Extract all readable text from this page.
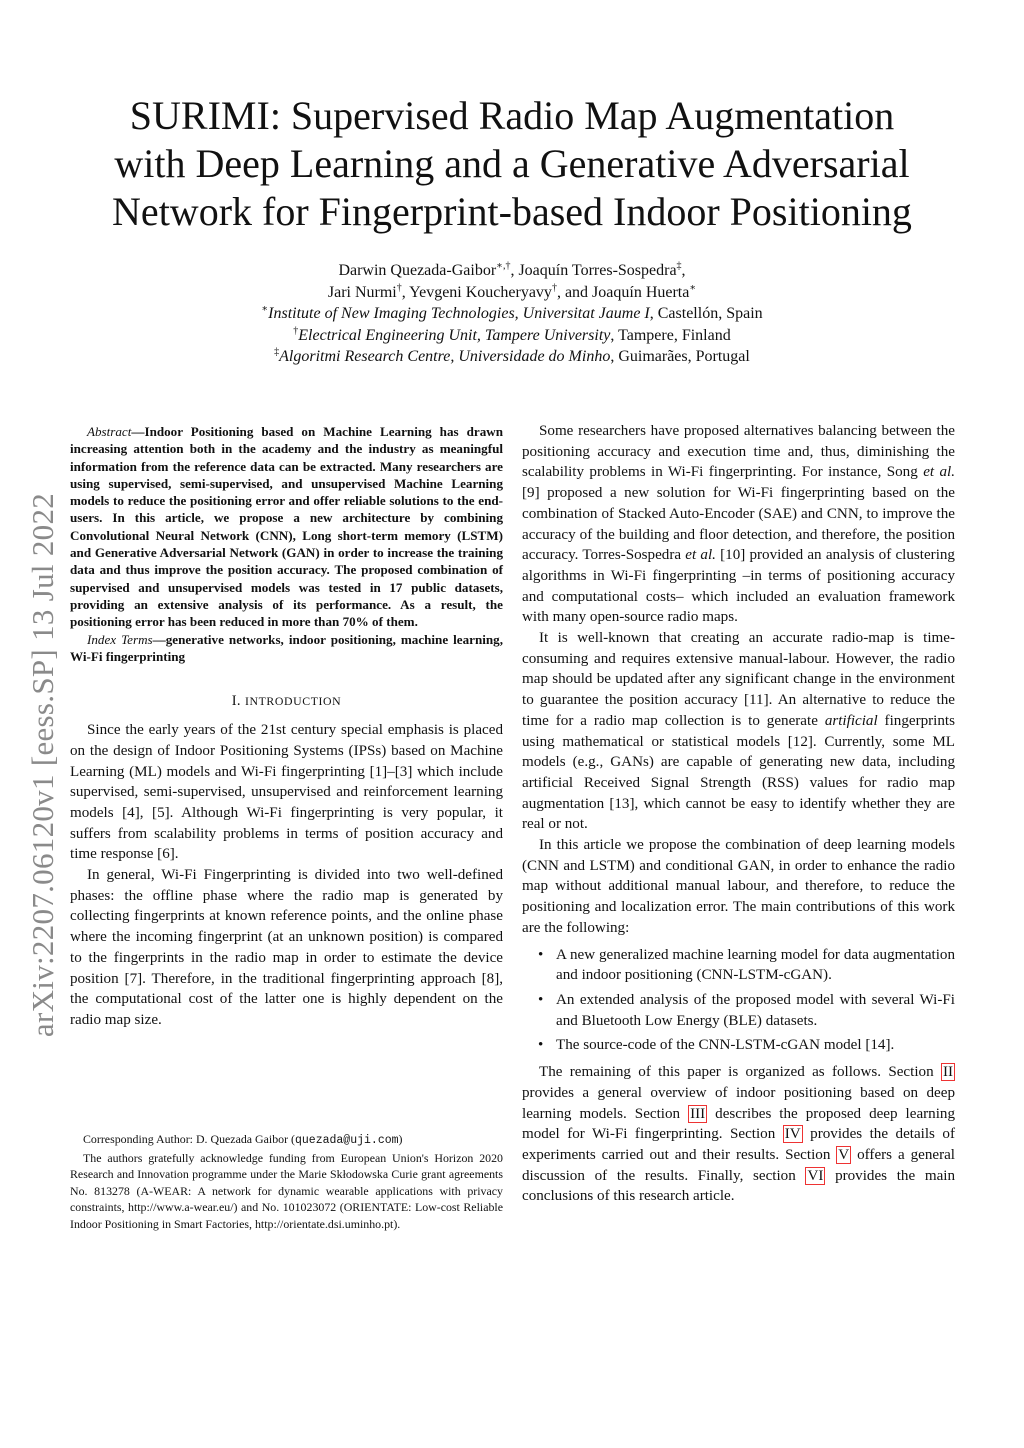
SURIMI: Supervised Radio Map Augmentation
with Deep Learning and a Generative Adversarial
Network for Fingerprint-based Indoor Positioning
Darwin Quezada-Gaibor∗,†, Joaquín Torres-Sospedra‡,
Jari Nurmi†, Yevgeni Koucheryavy†, and Joaquín Huerta∗
∗Institute of New Imaging Technologies, Universitat Jaume I, Castellón, Spain
†Electrical Engineering Unit, Tampere University, Tampere, Finland
‡Algoritmi Research Centre, Universidade do Minho, Guimarães, Portugal
arXiv:2207.06120v1 [eess.SP] 13 Jul 2022

Abstract—Indoor Positioning based on Machine Learning has drawn increasing attention both in the academy and the industry as meaningful information from the reference data can be extracted. Many researchers are using supervised, semi-supervised, and unsupervised Machine Learning models to reduce the positioning error and offer reliable solutions to the end-users. In this article, we propose a new architecture by combining Convolutional Neural Network (CNN), Long short-term memory (LSTM) and Generative Adversarial Network (GAN) in order to increase the training data and thus improve the position accuracy. The proposed combination of supervised and unsupervised models was tested in 17 public datasets, providing an extensive analysis of its performance. As a result, the positioning error has been reduced in more than 70% of them.

Index Terms—generative networks, indoor positioning, machine learning, Wi-Fi fingerprinting

I. INTRODUCTION

Since the early years of the 21st century special emphasis is placed on the design of Indoor Positioning Systems (IPSs) based on Machine Learning (ML) models and Wi-Fi fingerprinting [1]–[3] which include supervised, semi-supervised, unsupervised and reinforcement learning models [4], [5]. Although Wi-Fi fingerprinting is very popular, it suffers from scalability problems in terms of position accuracy and time response [6].

In general, Wi-Fi Fingerprinting is divided into two well-defined phases: the offline phase where the radio map is generated by collecting fingerprints at known reference points, and the online phase where the incoming fingerprint (at an unknown position) is compared to the fingerprints in the radio map in order to estimate the device position [7]. Therefore, in the traditional fingerprinting approach [8], the computational cost of the latter one is highly dependent on the radio map size.

Corresponding Author: D. Quezada Gaibor (quezada@uji.com)

The authors gratefully acknowledge funding from European Union's Horizon 2020 Research and Innovation programme under the Marie Skłodowska Curie grant agreements No. 813278 (A-WEAR: A network for dynamic wearable applications with privacy constraints, http://www.a-wear.eu/) and No. 101023072 (ORIENTATE: Low-cost Reliable Indoor Positioning in Smart Factories, http://orientate.dsi.uminho.pt).

Some researchers have proposed alternatives balancing between the positioning accuracy and execution time and, thus, diminishing the scalability problems in Wi-Fi fingerprinting. For instance, Song et al. [9] proposed a new solution for Wi-Fi fingerprinting based on the combination of Stacked Auto-Encoder (SAE) and CNN, to improve the accuracy of the building and floor detection, and therefore, the position accuracy. Torres-Sospedra et al. [10] provided an analysis of clustering algorithms in Wi-Fi fingerprinting –in terms of positioning accuracy and computational costs– which included an evaluation framework with many open-source radio maps.

It is well-known that creating an accurate radio-map is time-consuming and requires extensive manual-labour. However, the radio map should be updated after any significant change in the environment to guarantee the position accuracy [11]. An alternative to reduce the time for a radio map collection is to generate artificial fingerprints using mathematical or statistical models [12]. Currently, some ML models (e.g., GANs) are capable of generating new data, including artificial Received Signal Strength (RSS) values for radio map augmentation [13], which cannot be easy to identify whether they are real or not.

In this article we propose the combination of deep learning models (CNN and LSTM) and conditional GAN, in order to enhance the radio map without additional manual labour, and therefore, to reduce the positioning and localization error. The main contributions of this work are the following:

• A new generalized machine learning model for data augmentation and indoor positioning (CNN-LSTM-cGAN).
• An extended analysis of the proposed model with several Wi-Fi and Bluetooth Low Energy (BLE) datasets.
• The source-code of the CNN-LSTM-cGAN model [14].

The remaining of this paper is organized as follows. Section II provides a general overview of indoor positioning based on deep learning models. Section III describes the proposed deep learning model for Wi-Fi fingerprinting. Section IV provides the details of experiments carried out and their results. Section V offers a general discussion of the results. Finally, section VI provides the main conclusions of this research article.
